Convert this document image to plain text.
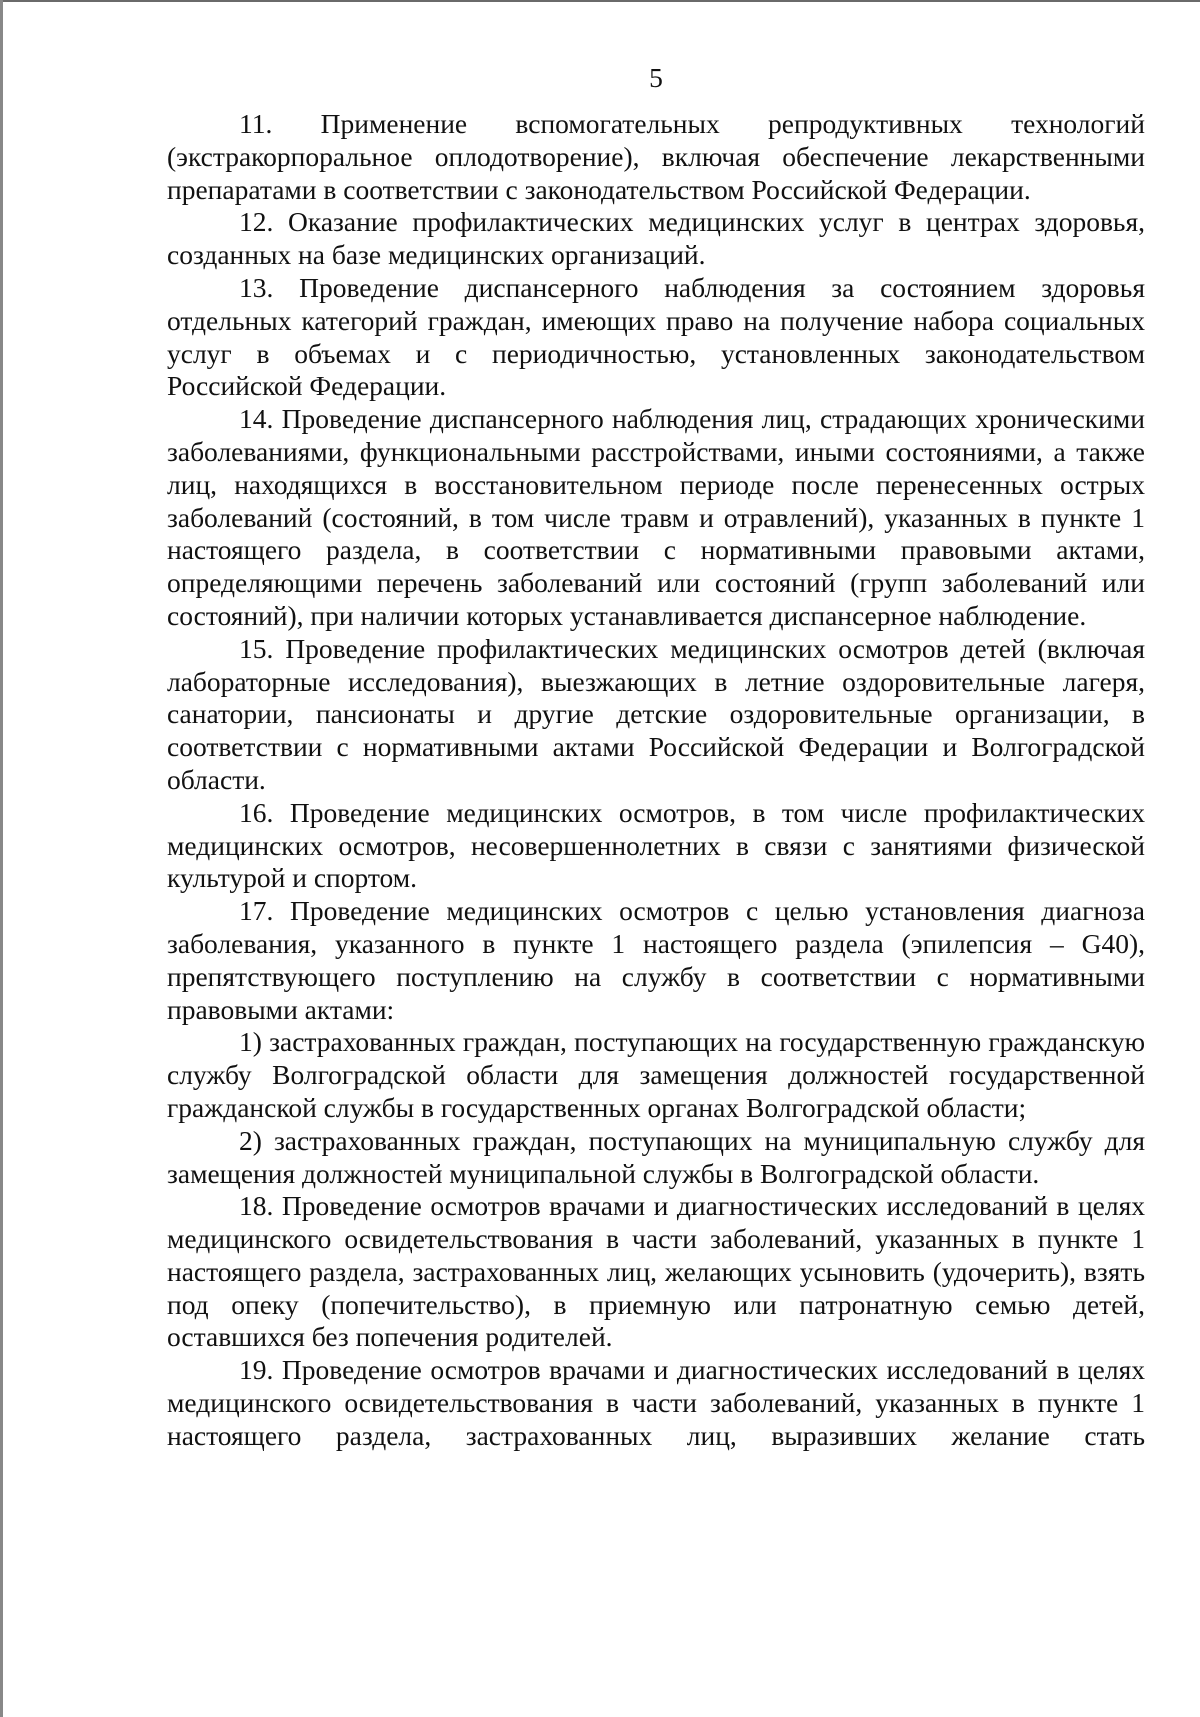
5

11. Применение вспомогательных репродуктивных технологий (экстракорпоральное оплодотворение), включая обеспечение лекарственными препаратами в соответствии с законодательством Российской Федерации.

12. Оказание профилактических медицинских услуг в центрах здоровья, созданных на базе медицинских организаций.

13. Проведение диспансерного наблюдения за состоянием здоровья отдельных категорий граждан, имеющих право на получение набора социальных услуг в объемах и с периодичностью, установленных законодательством Российской Федерации.

14. Проведение диспансерного наблюдения лиц, страдающих хроническими заболеваниями, функциональными расстройствами, иными состояниями, а также лиц, находящихся в восстановительном периоде после перенесенных острых заболеваний (состояний, в том числе травм и отравлений), указанных в пункте 1 настоящего раздела, в соответствии с нормативными правовыми актами, определяющими перечень заболеваний или состояний (групп заболеваний или состояний), при наличии которых устанавливается диспансерное наблюдение.

15. Проведение профилактических медицинских осмотров детей (включая лабораторные исследования), выезжающих в летние оздоровительные лагеря, санатории, пансионаты и другие детские оздоровительные организации, в соответствии с нормативными актами Российской Федерации и Волгоградской области.

16. Проведение медицинских осмотров, в том числе профилактических медицинских осмотров, несовершеннолетних в связи с занятиями физической культурой и спортом.

17. Проведение медицинских осмотров с целью установления диагноза заболевания, указанного в пункте 1 настоящего раздела (эпилепсия – G40), препятствующего поступлению на службу в соответствии с нормативными правовыми актами:

1) застрахованных граждан, поступающих на государственную гражданскую службу Волгоградской области для замещения должностей государственной гражданской службы в государственных органах Волгоградской области;

2) застрахованных граждан, поступающих на муниципальную службу для замещения должностей муниципальной службы в Волгоградской области.

18. Проведение осмотров врачами и диагностических исследований в целях медицинского освидетельствования в части заболеваний, указанных в пункте 1 настоящего раздела, застрахованных лиц, желающих усыновить (удочерить), взять под опеку (попечительство), в приемную или патронатную семью детей, оставшихся без попечения родителей.

19. Проведение осмотров врачами и диагностических исследований в целях медицинского освидетельствования в части заболеваний, указанных в пункте 1 настоящего раздела, застрахованных лиц, выразивших желание стать
